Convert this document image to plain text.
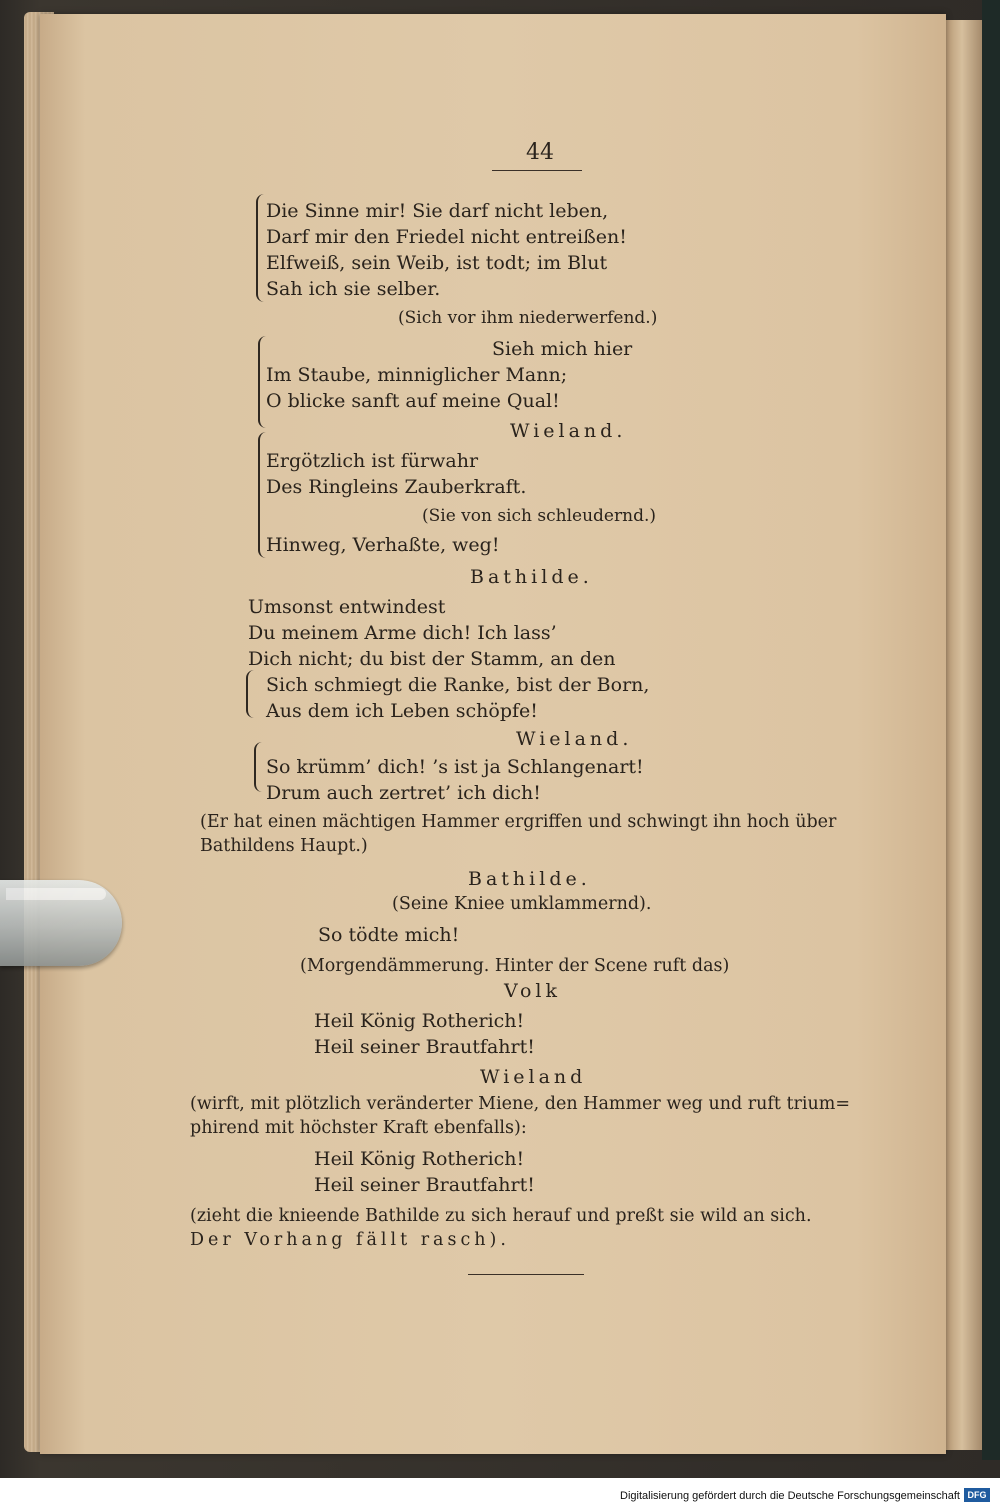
44
Die Sinne mir! Sie darf nicht leben,
Darf mir den Friedel nicht entreißen!
Elfweiß, sein Weib, ist todt; im Blut
Sah ich sie selber.
(Sich vor ihm niederwerfend.)
Sieh mich hier
Im Staube, minniglicher Mann;
O blicke sanft auf meine Qual!
Wieland.
Ergötzlich ist fürwahr
Des Ringleins Zauberkraft.
(Sie von sich schleudernd.)
Hinweg, Verhaßte, weg!
Bathilde.
Umsonst entwindest
Du meinem Arme dich! Ich lass’
Dich nicht; du bist der Stamm, an den
Sich schmiegt die Ranke, bist der Born,
Aus dem ich Leben schöpfe!
Wieland.
So krümm’ dich! ’s ist ja Schlangenart!
Drum auch zertret’ ich dich!
(Er hat einen mächtigen Hammer ergriffen und schwingt ihn hoch über
Bathildens Haupt.)
Bathilde.
(Seine Kniee umklammernd).
So tödte mich!
(Morgendämmerung. Hinter der Scene ruft das)
Volk
Heil König Rotherich!
Heil seiner Brautfahrt!
Wieland
(wirft, mit plötzlich veränderter Miene, den Hammer weg und ruft trium=
phirend mit höchster Kraft ebenfalls):
Heil König Rotherich!
Heil seiner Brautfahrt!
(zieht die knieende Bathilde zu sich herauf und preßt sie wild an sich.
Der Vorhang fällt rasch).
Digitalisierung gefördert durch die Deutsche Forschungsgemeinschaft DFG
